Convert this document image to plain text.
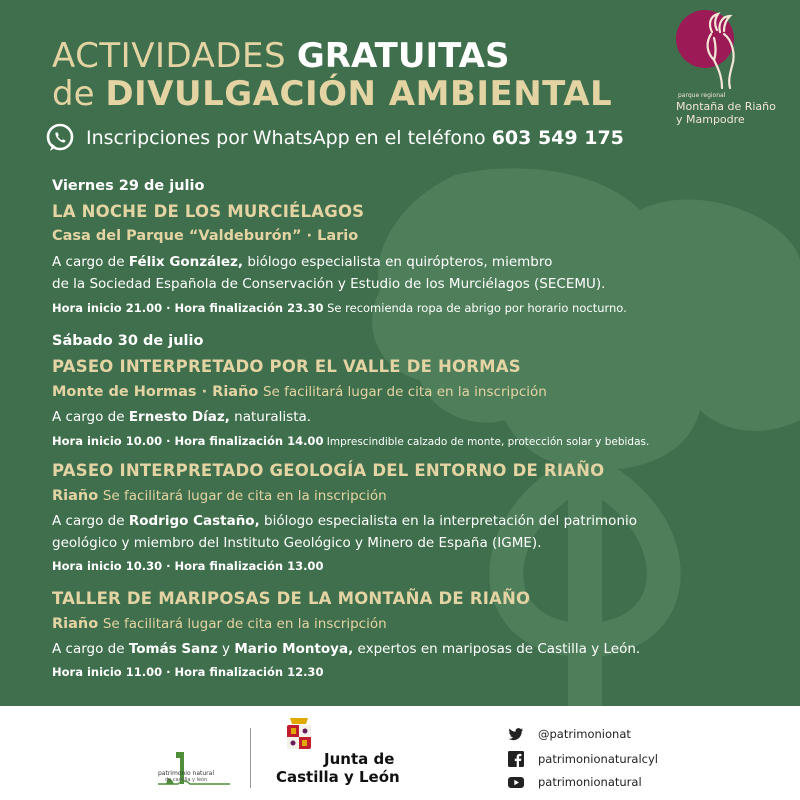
ACTIVIDADES GRATUITAS
de DIVULGACIÓN AMBIENTAL
Inscripciones por
WhatsApp
en el teléfono 603 549 175
parque regional
Montaña de Riaño
y Mampodre
Viernes 29 de julio
LA NOCHE DE LOS MURCIÉLAGOS
Casa del Parque “Valdeburón” · Lario
A cargo de Félix González, biólogo especialista en quirópteros, miembro
de la Sociedad Española de Conservación y Estudio de los Murciélagos (SECEMU).
Hora inicio 21.00 · Hora finalización 23.30 Se recomienda ropa de abrigo por horario nocturno.
Sábado 30 de julio
PASEO INTERPRETADO POR EL VALLE DE HORMAS
Monte de Hormas · Riaño Se facilitará lugar de cita en la inscripción
A cargo de Ernesto Díaz, naturalista.
Hora inicio 10.00 · Hora finalización 14.00 Imprescindible calzado de monte, protección solar y bebidas.
PASEO INTERPRETADO GEOLOGÍA DEL ENTORNO DE RIAÑO
Riaño Se facilitará lugar de cita en la inscripción
A cargo de Rodrigo Castaño, biólogo especialista en la interpretación del patrimonio
geológico y miembro del Instituto Geológico y Minero de España (IGME).
Hora inicio 10.30 · Hora finalización 13.00
TALLER DE MARIPOSAS DE LA MONTAÑA DE RIAÑO
Riaño Se facilitará lugar de cita en la inscripción
A cargo de Tomás Sanz y Mario Montoya, expertos en mariposas de Castilla y León.
Hora inicio 11.00 · Hora finalización 12.30
patrimonio natural
de castilla y león
Junta de
Castilla y León
@patrimonionat
patrimonionaturalcyl
patrimonionatural
